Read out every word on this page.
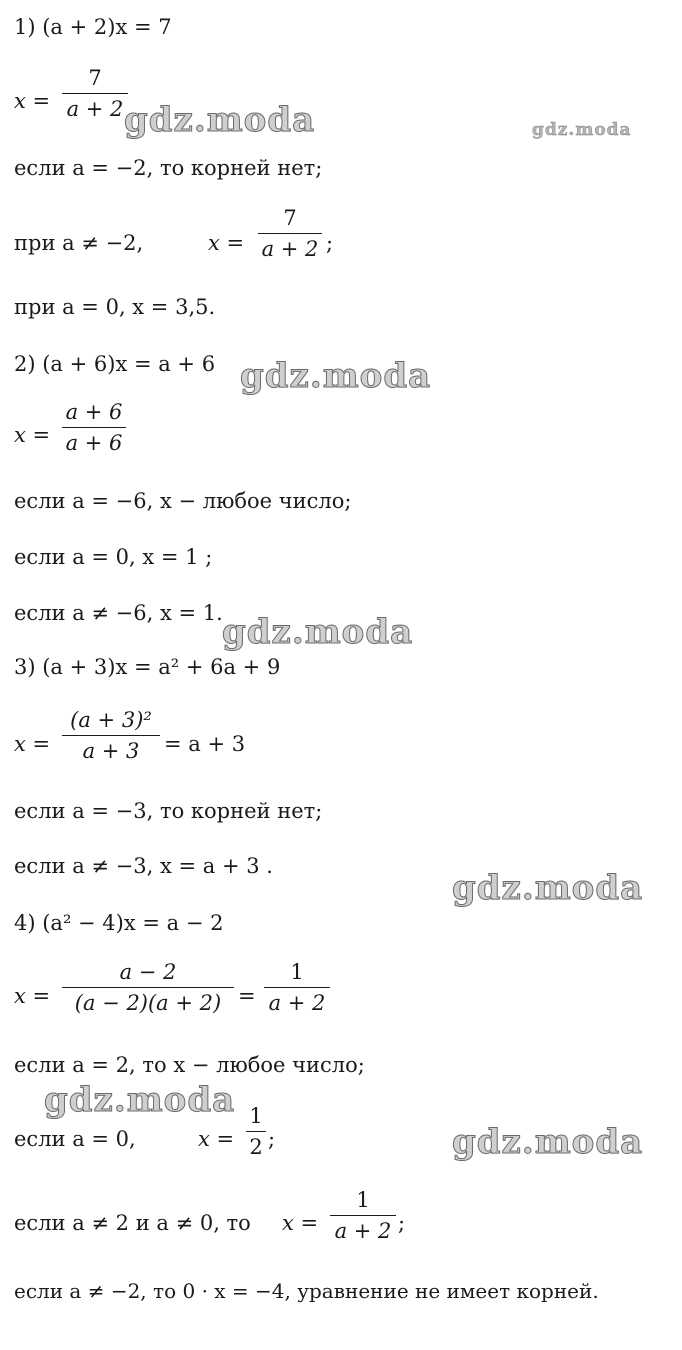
1) (a + 2)x = 7
x =
7
a + 2
если a = −2, то корней нет;
при a ≠ −2,	x =
7
a + 2 ;
при a = 0, x = 3,5.
2) (a + 6)x = a + 6
x =
a + 6
a + 6
если a = −6, x − любое число;
если a = 0, x = 1 ;
если a ≠ −6, x = 1.
3) (a + 3)x = a² + 6a + 9
x =
(a + 3)²
a + 3	= a + 3
если a = −3, то корней нет;
если a ≠ −3, x = a + 3 .
4) (a² − 4)x = a − 2
x =
a − 2
(a − 2)(a + 2) =
1
a + 2
если a = 2, то x − любое число;
если a = 0,	x =
1
2 ;
если a ≠ 2 и a ≠ 0, то x =
1
a + 2 ;
если a ≠ −2, то 0 · x = −4, уравнение не имеет корней.
gdz.moda	gdz.moda
gdz.moda
gdz.moda
gdz.moda
gdz.moda
gdz.moda
